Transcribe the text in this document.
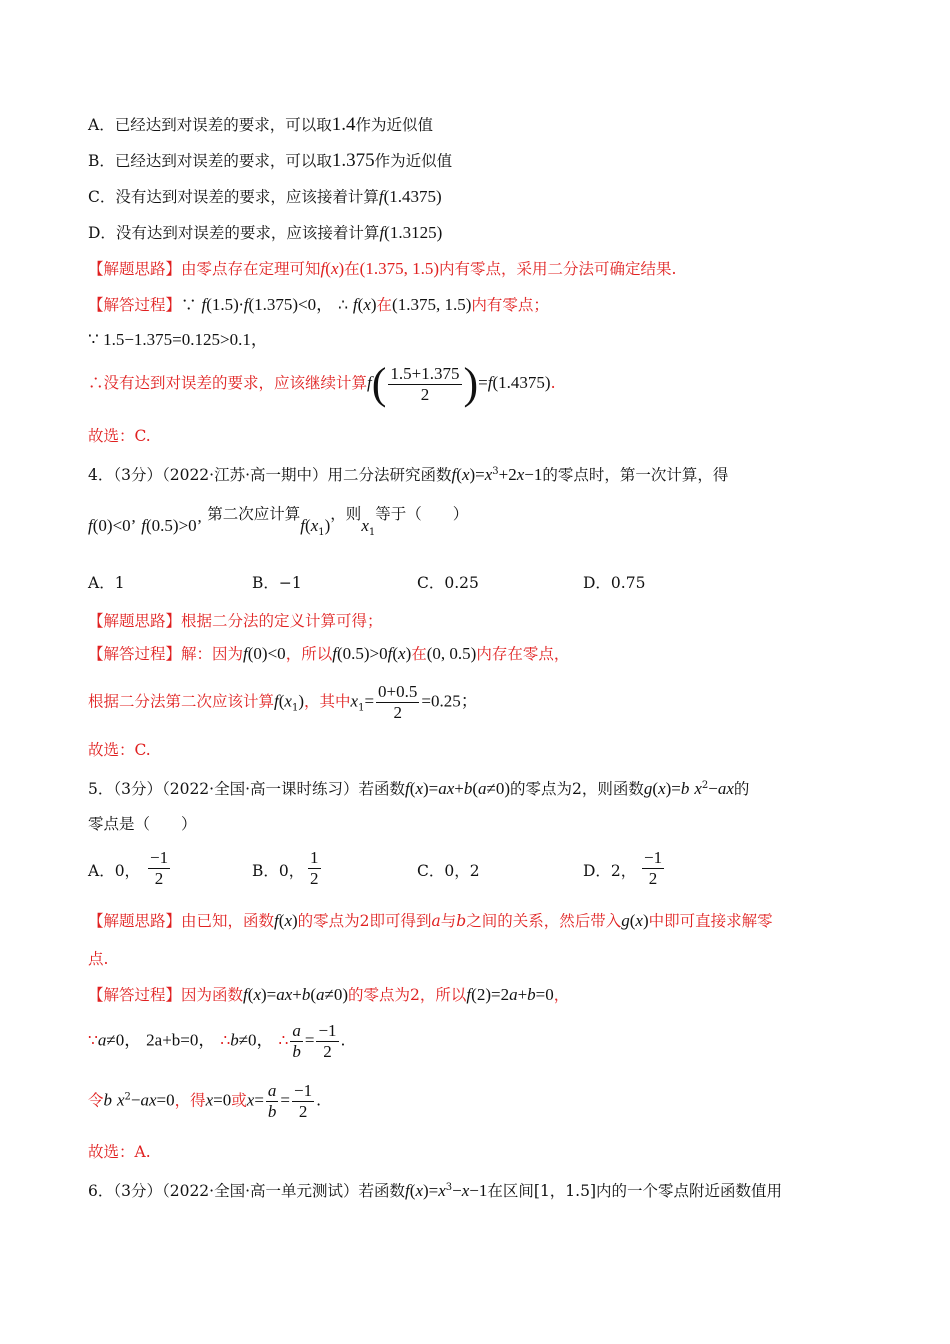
A．已经达到对误差的要求，可以取1.4作为近似值
B．已经达到对误差的要求，可以取1.375作为近似值
C．没有达到对误差的要求，应该接着计算f(1.4375)
D．没有达到对误差的要求，应该接着计算f(1.3125)
【解题思路】由零点存在定理可知f(x)在(1.375, 1.5)内有零点，采用二分法可确定结果.
【解答过程】∵ f(1.5)·f(1.375)<0， ∴ f(x)在(1.375, 1.5)内有零点；
∵ 1.5−1.375=0.125>0.1，
∴没有达到对误差的要求，应该继续计算$f( \frac{1.5+1.375}{2} )=f(1.4375)$.
故选：C.
4．（3分）（2022·江苏·高一期中）用二分法研究函数$f(x)=x^3+2x-1$的零点时，第一次计算，得
f(0)<0’ f(0.5)>0’ 第二次应计算$f(x_1)$，则$x_1$等于（　　）
A．1	B．−1	C．0.25	D．0.75
【解题思路】根据二分法的定义计算可得；
【解答过程】解：因为f(0)<0，所以f(0.5)>0f(x)在(0, 0.5)内存在零点，
根据二分法第二次应该计算$f(x_1)$，其中$x_1= \frac{0+0.5}{2} =0.25$；
故选：C.
5．（3分）（2022·全国·高一课时练习）若函数f(x)=ax+b(a≠0)的零点为2，则函数g(x)=b $x^2-ax$的
零点是（　　）
A．0， $\frac{-1}{2}$	B．0， $\frac{1}{2}$	C．0，2	D．2， $\frac{-1}{2}$
【解题思路】由已知，函数f(x)的零点为2即可得到a与b之间的关系，然后带入g(x)中即可直接求解零
点.
【解答过程】因为函数f(x)=ax+b(a≠0)的零点为2，所以f(2)=2a+b=0，
∵a≠0， 2a+b=0， ∴b≠0， ∴ $\frac{a}{b} = \frac{-1}{2}$ .
令b $x^2-ax=0$，得x=0或$x= \frac{a}{b} = \frac{-1}{2}$ .
故选：A.
6．（3分）（2022·全国·高一单元测试）若函数$f(x)=x^3-x-1$在区间[1，1.5]内的一个零点附近函数值用
